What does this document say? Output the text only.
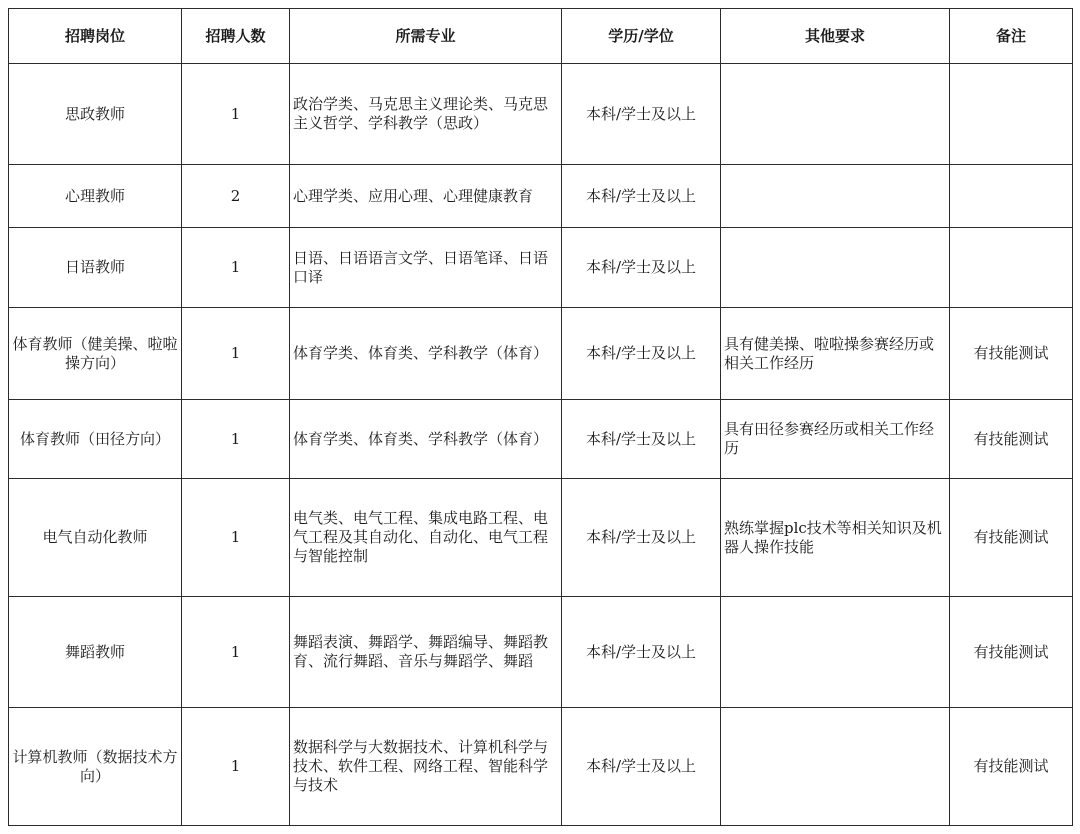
招聘岗位	招聘人数	所需专业	学历/学位	其他要求	备注
思政教师	1	政治学类、马克思主义理论类、马克思主义哲学、学科教学（思政）	本科/学士及以上		
心理教师	2	心理学类、应用心理、心理健康教育	本科/学士及以上		
日语教师	1	日语、日语语言文学、日语笔译、日语口译	本科/学士及以上		
体育教师（健美操、啦啦操方向）	1	体育学类、体育类、学科教学（体育）	本科/学士及以上	具有健美操、啦啦操参赛经历或相关工作经历	有技能测试
体育教师（田径方向）	1	体育学类、体育类、学科教学（体育）	本科/学士及以上	具有田径参赛经历或相关工作经历	有技能测试
电气自动化教师	1	电气类、电气工程、集成电路工程、电气工程及其自动化、自动化、电气工程与智能控制	本科/学士及以上	熟练掌握plc技术等相关知识及机器人操作技能	有技能测试
舞蹈教师	1	舞蹈表演、舞蹈学、舞蹈编导、舞蹈教育、流行舞蹈、音乐与舞蹈学、舞蹈	本科/学士及以上		有技能测试
计算机教师（数据技术方向）	1	数据科学与大数据技术、计算机科学与技术、软件工程、网络工程、智能科学与技术	本科/学士及以上		有技能测试
